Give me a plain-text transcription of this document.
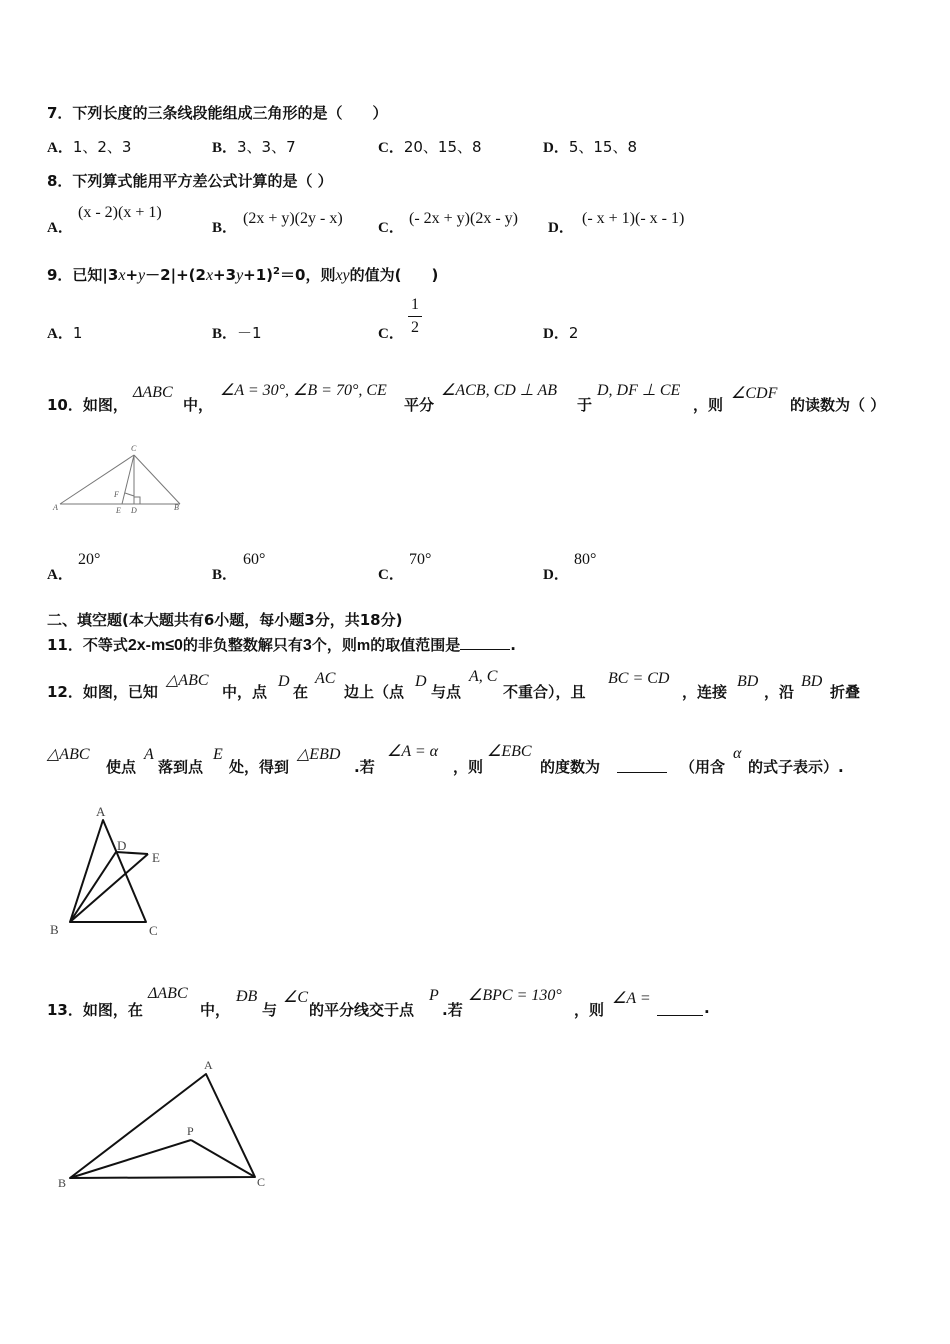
7．下列长度的三条线段能组成三角形的是（　　）
A．1、2、3	B．3、3、7	C．20、15、8	D．5、15、8
8．下列算式能用平方差公式计算的是（ ）
A．
(x - 2)(x + 1)
B．
(2x + y)(2y - x)
C．
(- 2x + y)(2x - y)
D．
(- x + 1)(- x - 1)
9．已知$|3x+y-2|+(2x+3y+1)^2=0$，则xy的值为(　　)
A．1	B．－1	C．
1
2	D．2
10．如图，
ΔABC
中，
∠A = 30°, ∠B = 70°, CE
平分
∠ACB, CD ⊥ AB
于
D, DF ⊥ CE
，则
∠CDF
的读数为（ ）
C
A
F
E D	B
A．
20°
B．
60°
C．
70°
D．
80°
二、填空题(本大题共有6小题，每小题3分，共18分)
11．不等式2x-m≤0的非负整数解只有3个，则m的取值范围是	.
12．如图，已知
△ABC
中，点
D
在
AC
边上（点
D
与点
A, C
不重合），且
BC = CD
，连接
BD
，沿
BD
折叠
△ABC
使点
A
落到点
E
处，得到
△EBD
.若
∠A = α
，则
∠EBC
的度数为	（用含
α
的式子表示）.
A
D
E
B	C
13．如图，在
ΔABC
中，
ÐB
与
∠C
的平分线交于点
P
.若
∠BPC = 130°
，则
∠A =
.
A
P
B	C
